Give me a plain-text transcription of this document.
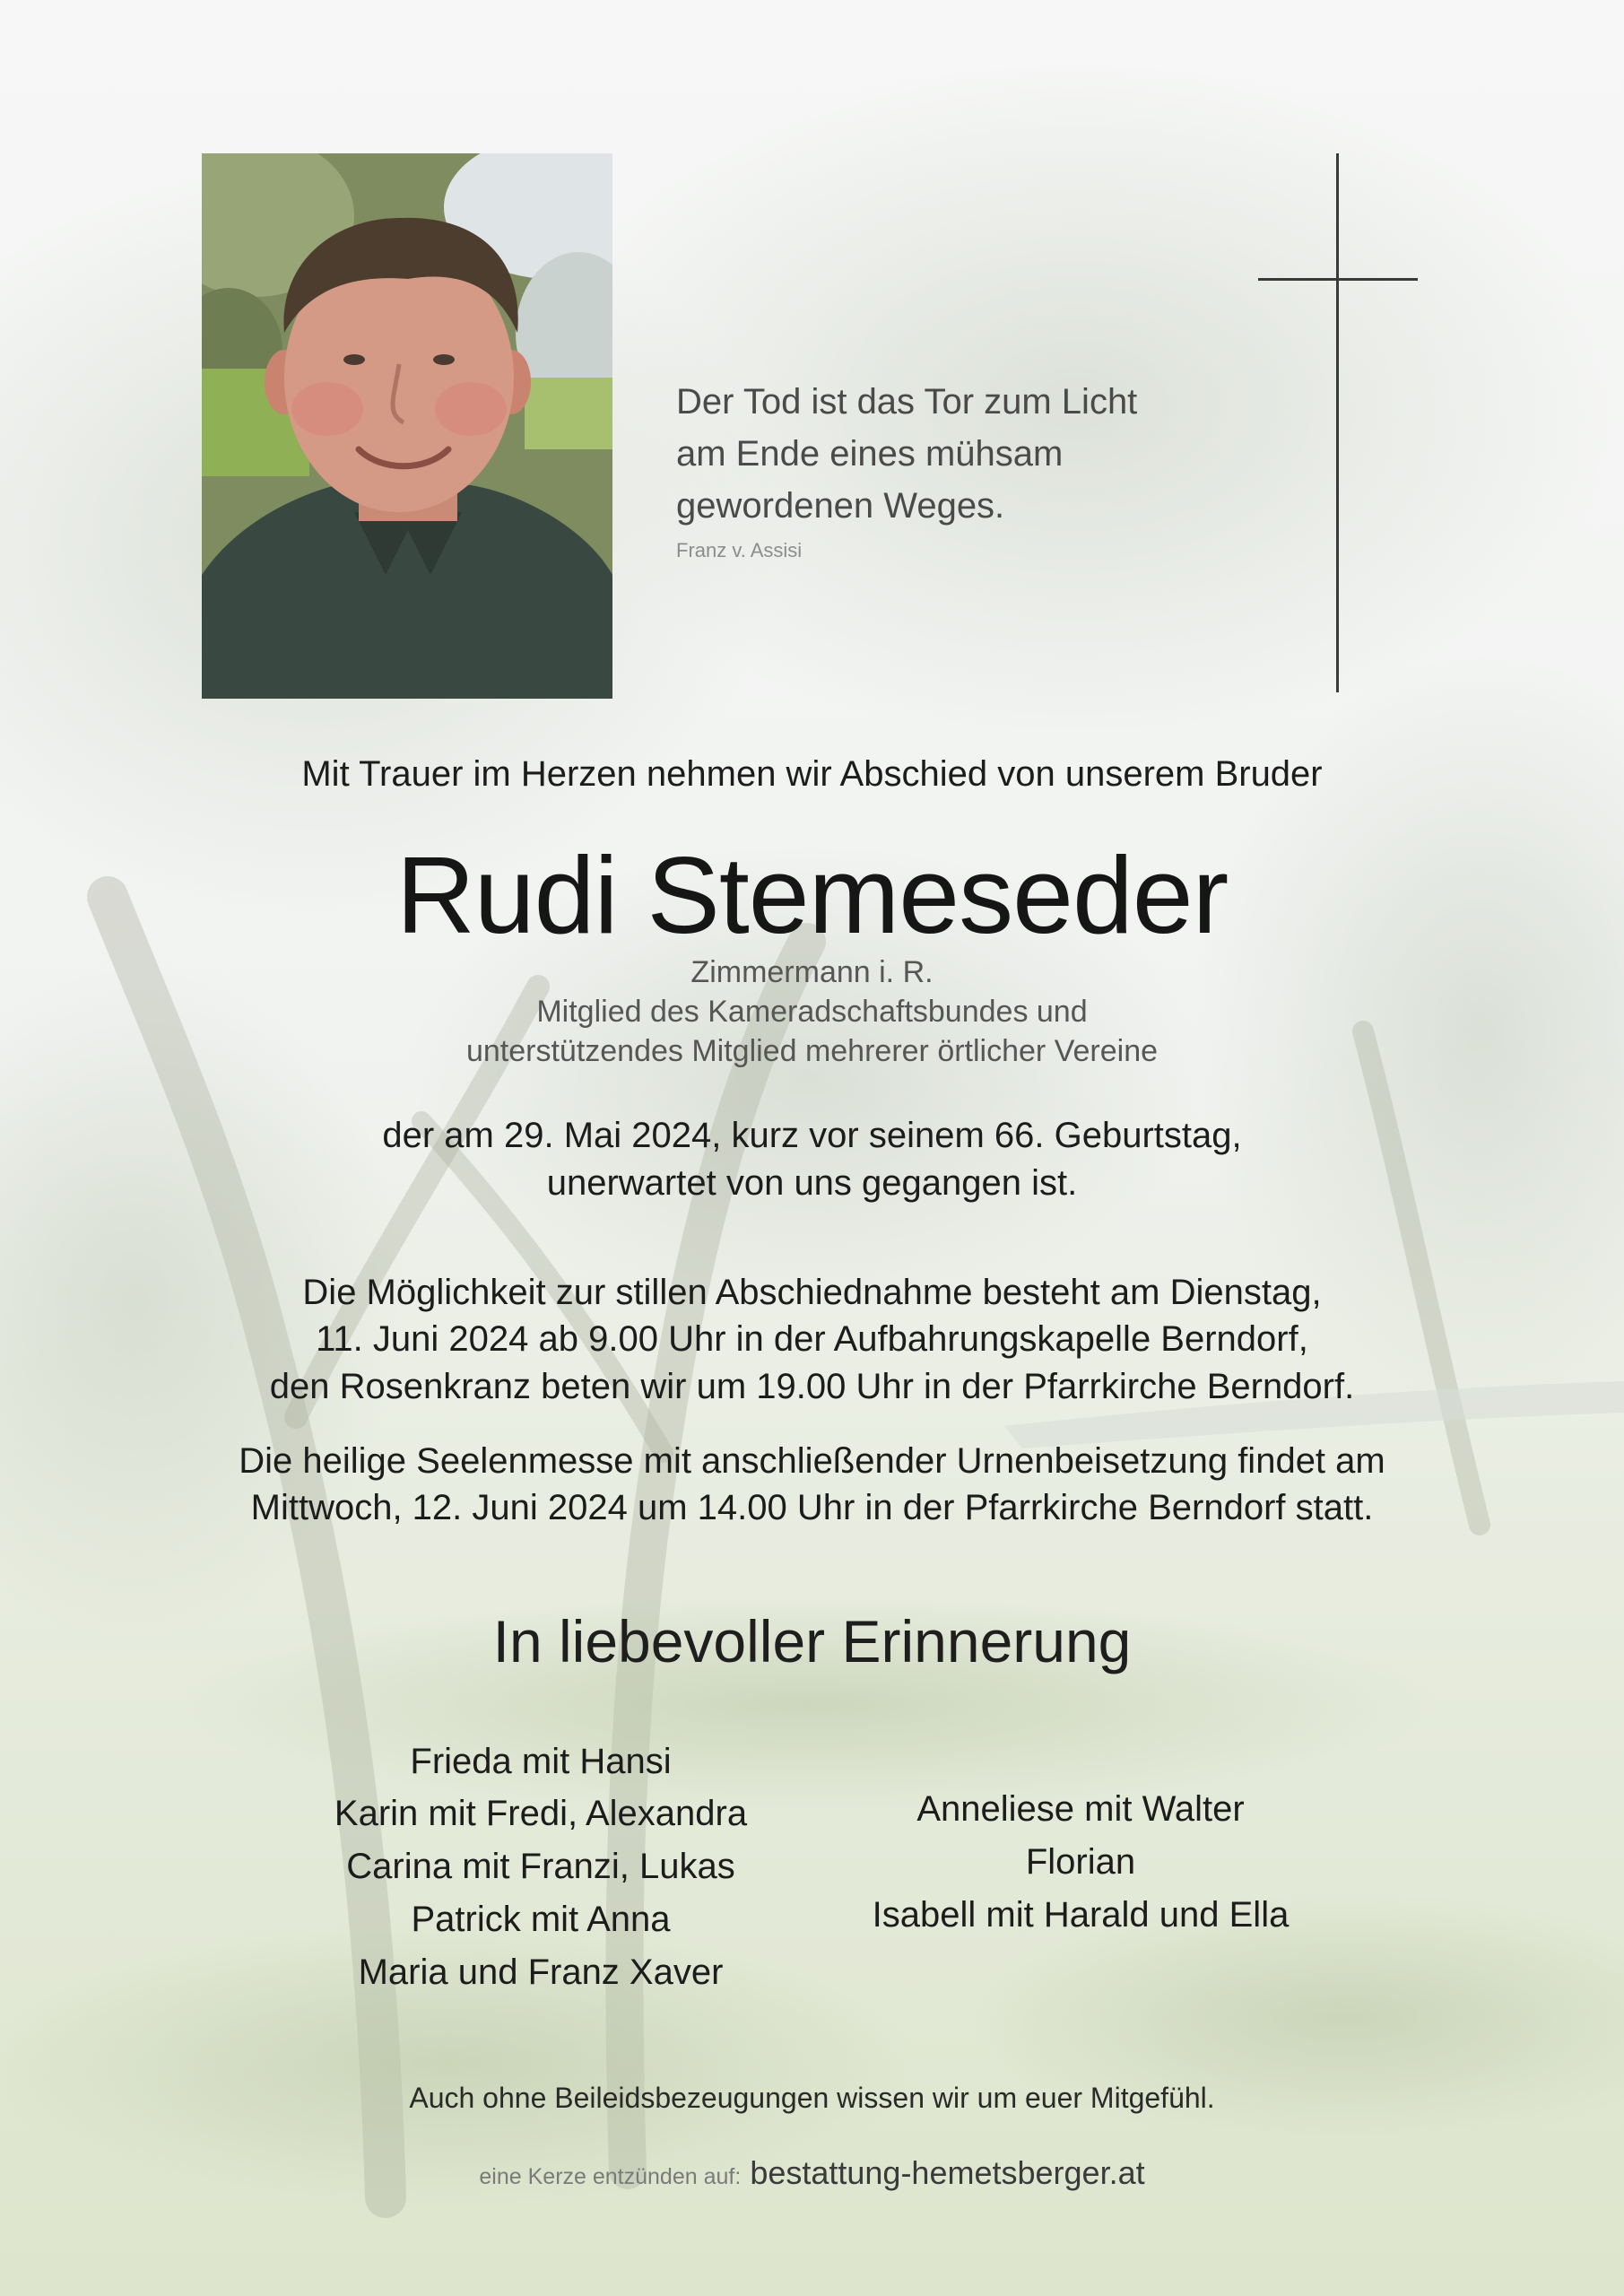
Der Tod ist das Tor zum Licht
am Ende eines mühsam
gewordenen Weges.
Franz v. Assisi
Mit Trauer im Herzen nehmen wir Abschied von unserem Bruder
Rudi Stemeseder
Zimmermann i. R.
Mitglied des Kameradschaftsbundes und
unterstützendes Mitglied mehrerer örtlicher Vereine
der am 29. Mai 2024, kurz vor seinem 66. Geburtstag,
unerwartet von uns gegangen ist.
Die Möglichkeit zur stillen Abschiednahme besteht am Dienstag,
11. Juni 2024 ab 9.00 Uhr in der Aufbahrungskapelle Berndorf,
den Rosenkranz beten wir um 19.00 Uhr in der Pfarrkirche Berndorf.
Die heilige Seelenmesse mit anschließender Urnenbeisetzung findet am
Mittwoch, 12. Juni 2024 um 14.00 Uhr in der Pfarrkirche Berndorf statt.
In liebevoller Erinnerung
Frieda mit Hansi
Karin mit Fredi, Alexandra
Carina mit Franzi, Lukas
Patrick mit Anna
Maria und Franz Xaver
Anneliese mit Walter
Florian
Isabell mit Harald und Ella
Auch ohne Beileidsbezeugungen wissen wir um euer Mitgefühl.
eine Kerze entzünden auf: bestattung-hemetsberger.at
